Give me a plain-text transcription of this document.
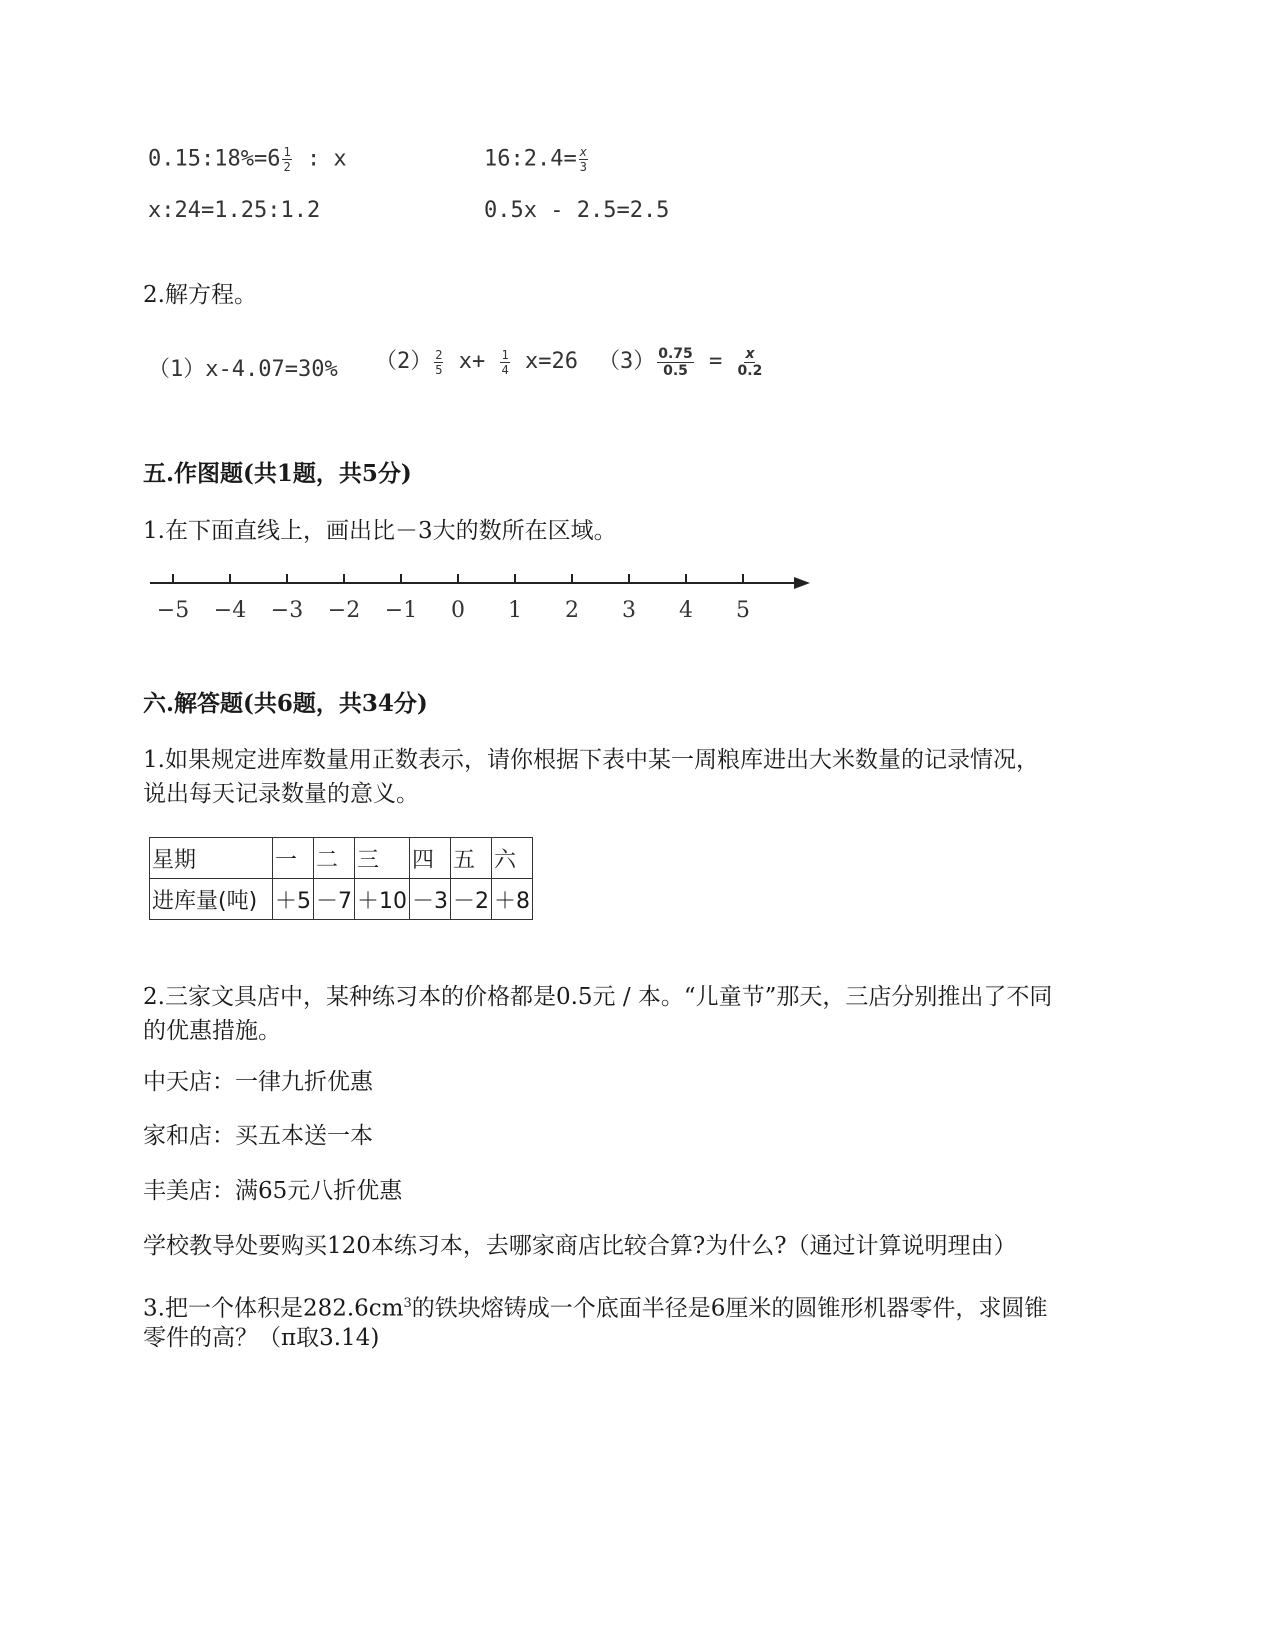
0.15:18%=6 $\frac{1}{2}$ : x	16:2.4= $\frac{x}{3}$
x:24=1.25:1.2	0.5x - 2.5=2.5
2.解方程。
（1）x-4.07=30% $(2) \frac{2}{5} x+ \frac{1}{4} x=26$ $(3) \frac{0.75}{0.5} = \frac{x}{0.2}$
五.作图题(共1题，共5分)
1.在下面直线上，画出比－3大的数所在区域。
−5 −4 −3 −2 −1 0 1 2 3 4 5
六.解答题(共6题，共34分)
1.如果规定进库数量用正数表示，请你根据下表中某一周粮库进出大米数量的记录情况，
说出每天记录数量的意义。
星期	一	二	三	四	五	六
进库量(吨)	＋5	－7	＋10	－3	－2	＋8
2.三家文具店中，某种练习本的价格都是0.5元 / 本。“儿童节”那天，三店分别推出了不同
的优惠措施。
中天店：一律九折优惠
家和店：买五本送一本
丰美店：满65元八折优惠
学校教导处要购买120本练习本，去哪家商店比较合算?为什么?（通过计算说明理由）
3.把一个体积是$282.6cm^3$的铁块熔铸成一个底面半径是6厘米的圆锥形机器零件，求圆锥
零件的高？（π取3.14)
